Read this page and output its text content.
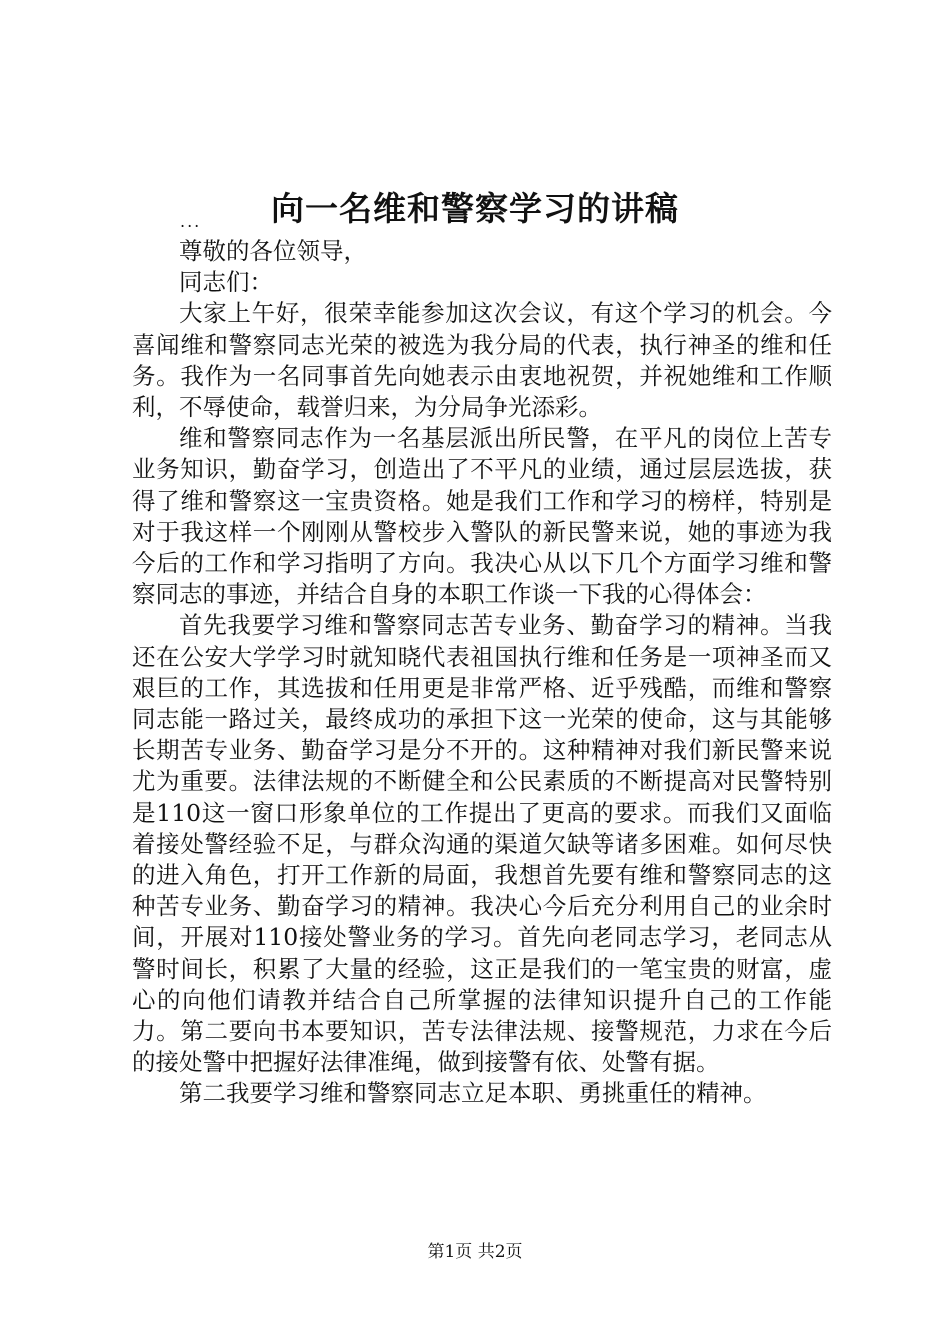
向一名维和警察学习的讲稿
...

尊敬的各位领导，

同志们：

大家上午好，很荣幸能参加这次会议，有这个学习的机会。今喜闻维和警察同志光荣的被选为我分局的代表，执行神圣的维和任务。我作为一名同事首先向她表示由衷地祝贺，并祝她维和工作顺利，不辱使命，载誉归来，为分局争光添彩。

维和警察同志作为一名基层派出所民警，在平凡的岗位上苦专业务知识，勤奋学习，创造出了不平凡的业绩，通过层层选拔，获得了维和警察这一宝贵资格。她是我们工作和学习的榜样，特别是对于我这样一个刚刚从警校步入警队的新民警来说，她的事迹为我今后的工作和学习指明了方向。我决心从以下几个方面学习维和警察同志的事迹，并结合自身的本职工作谈一下我的心得体会：

首先我要学习维和警察同志苦专业务、勤奋学习的精神。当我还在公安大学学习时就知晓代表祖国执行维和任务是一项神圣而又艰巨的工作，其选拔和任用更是非常严格、近乎残酷，而维和警察同志能一路过关，最终成功的承担下这一光荣的使命，这与其能够长期苦专业务、勤奋学习是分不开的。这种精神对我们新民警来说尤为重要。法律法规的不断健全和公民素质的不断提高对民警特别是110这一窗口形象单位的工作提出了更高的要求。而我们又面临着接处警经验不足，与群众沟通的渠道欠缺等诸多困难。如何尽快的进入角色，打开工作新的局面，我想首先要有维和警察同志的这种苦专业务、勤奋学习的精神。我决心今后充分利用自己的业余时间，开展对110接处警业务的学习。首先向老同志学习，老同志从警时间长，积累了大量的经验，这正是我们的一笔宝贵的财富，虚心的向他们请教并结合自己所掌握的法律知识提升自己的工作能力。第二要向书本要知识，苦专法律法规、接警规范，力求在今后的接处警中把握好法律准绳，做到接警有依、处警有据。

第二我要学习维和警察同志立足本职、勇挑重任的精神。

第1页 共2页
